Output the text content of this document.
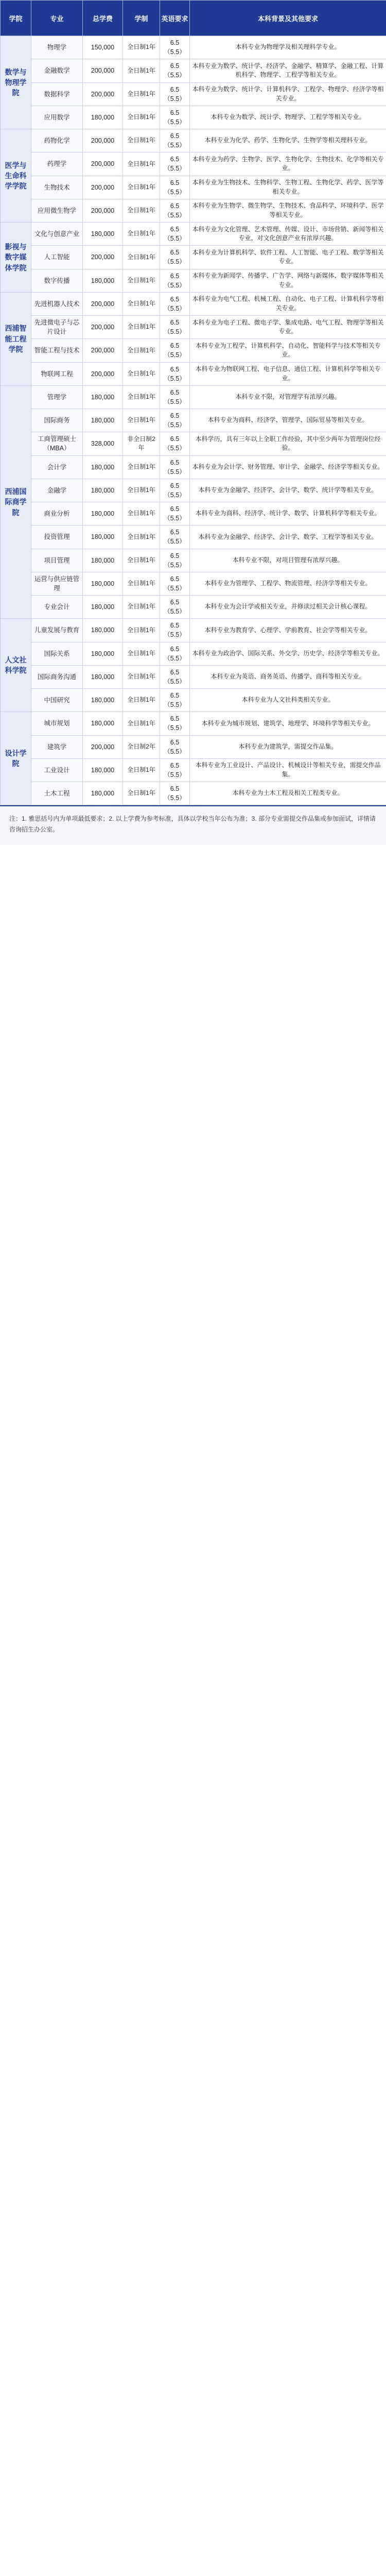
学院	专业	总学费	学制	英语要求	本科背景及其他要求
数学与物理学院	物理学	150,000	全日制1年	6.5（5.5）	本科专业为物理学及相关理科学专业。
	金融数学	200,000	全日制1年	6.5（5.5）	本科专业为数学、统计学、经济学、金融学、精算学、金融工程、计算机科学、物理学、工程学等相关专业。
	数据科学	200,000	全日制1年	6.5（5.5）	本科专业为数学、统计学、计算机科学、工程学、物理学、经济学等相关专业。
	应用数学	180,000	全日制1年	6.5（5.5）	本科专业为数学、统计学、物理学、工程学等相关专业。
医学与生命科学学院	药物化学	200,000	全日制1年	6.5（5.5）	本科专业为化学、药学、生物化学、生物学等相关理科专业。
	药理学	200,000	全日制1年	6.5（5.5）	本科专业为药学、生物学、医学、生物化学、生物技术、化学等相关专业。
	生物技术	200,000	全日制1年	6.5（5.5）	本科专业为生物技术、生物科学、生物工程、生物化学、药学、医学等相关专业。
	应用微生物学	200,000	全日制1年	6.5（5.5）	本科专业为生物学、微生物学、生物技术、食品科学、环境科学、医学等相关专业。
影视与数字媒体学院	文化与创意产业	180,000	全日制1年	6.5（5.5）	本科专业为文化管理、艺术管理、传媒、设计、市场营销、新闻等相关专业，对文化创意产业有浓厚兴趣。
	人工智能	200,000	全日制1年	6.5（5.5）	本科专业为计算机科学、软件工程、人工智能、电子工程、数学等相关专业。
	数字传播	180,000	全日制1年	6.5（5.5）	本科专业为新闻学、传播学、广告学、网络与新媒体、数字媒体等相关专业。
西浦智能工程学院	先进机器人技术	200,000	全日制1年	6.5（5.5）	本科专业为电气工程、机械工程、自动化、电子工程、计算机科学等相关专业。
	先进微电子与芯片设计	200,000	全日制1年	6.5（5.5）	本科专业为电子工程、微电子学、集成电路、电气工程、物理学等相关专业。
	智能工程与技术	200,000	全日制1年	6.5（5.5）	本科专业为工程学、计算机科学、自动化、智能科学与技术等相关专业。
	物联网工程	200,000	全日制1年	6.5（5.5）	本科专业为物联网工程、电子信息、通信工程、计算机科学等相关专业。
西浦国际商学院	管理学	180,000	全日制1年	6.5（5.5）	本科专业不限，对管理学有浓厚兴趣。
	国际商务	180,000	全日制1年	6.5（5.5）	本科专业为商科、经济学、管理学、国际贸易等相关专业。
	工商管理硕士（MBA）	328,000	非全日制2年	6.5（5.5）	本科学历，具有三年以上全职工作经验，其中至少两年为管理岗位经验。
	会计学	180,000	全日制1年	6.5（5.5）	本科专业为会计学、财务管理、审计学、金融学、经济学等相关专业。
	金融学	180,000	全日制1年	6.5（5.5）	本科专业为金融学、经济学、会计学、数学、统计学等相关专业。
	商业分析	180,000	全日制1年	6.5（5.5）	本科专业为商科、经济学、统计学、数学、计算机科学等相关专业。
	投资管理	180,000	全日制1年	6.5（5.5）	本科专业为金融学、经济学、会计学、数学、工程学等相关专业。
	项目管理	180,000	全日制1年	6.5（5.5）	本科专业不限，对项目管理有浓厚兴趣。
	运营与供应链管理	180,000	全日制1年	6.5（5.5）	本科专业为管理学、工程学、物流管理、经济学等相关专业。
	专业会计	180,000	全日制1年	6.5（5.5）	本科专业为会计学或相关专业，并修读过相关会计核心课程。
人文社科学院	儿童发展与教育	180,000	全日制1年	6.5（5.5）	本科专业为教育学、心理学、学前教育、社会学等相关专业。
	国际关系	180,000	全日制1年	6.5（5.5）	本科专业为政治学、国际关系、外交学、历史学、经济学等相关专业。
	国际商务沟通	180,000	全日制1年	6.5（5.5）	本科专业为英语、商务英语、传播学、商科等相关专业。
	中国研究	180,000	全日制1年	6.5（5.5）	本科专业为人文社科类相关专业。
设计学院	城市规划	180,000	全日制1年	6.5（5.5）	本科专业为城市规划、建筑学、地理学、环境科学等相关专业。
	建筑学	200,000	全日制2年	6.5（5.5）	本科专业为建筑学，需提交作品集。
	工业设计	180,000	全日制1年	6.5（5.5）	本科专业为工业设计、产品设计、机械设计等相关专业，需提交作品集。
	土木工程	180,000	全日制1年	6.5（5.5）	本科专业为土木工程及相关工程类专业。
注：1. 雅思括号内为单项最低要求；2. 以上学费为参考标准，具体以学校当年公布为准；3. 部分专业需提交作品集或参加面试，详情请咨询招生办公室。
